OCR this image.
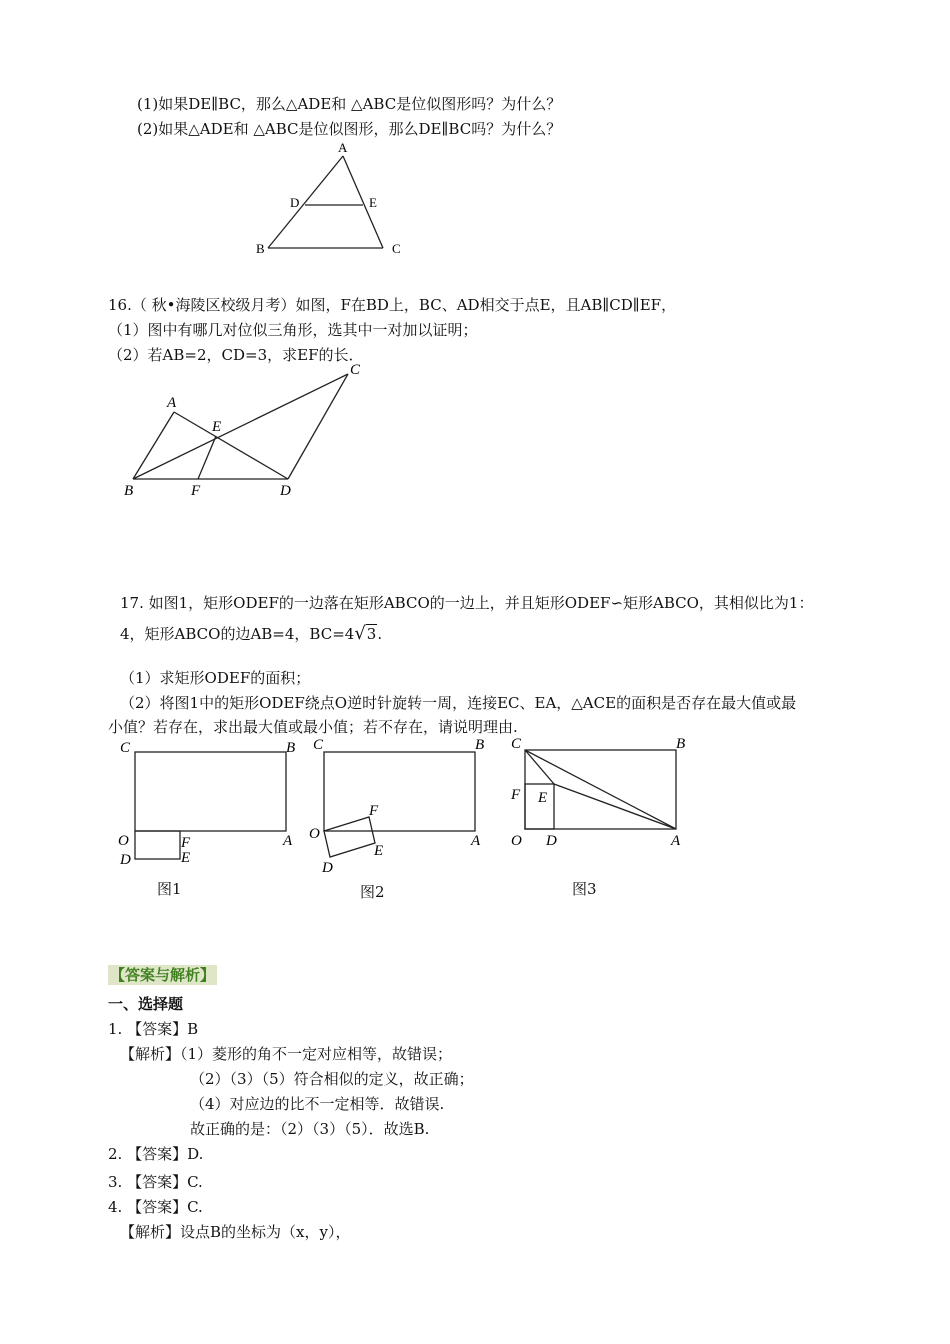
(1)如果DE∥BC，那么△ADE和 △ABC是位似图形吗？为什么？
(2)如果△ADE和 △ABC是位似图形，那么DE∥BC吗？为什么？
A
D	E
B	C
16.（ 秋•海陵区校级月考）如图，F在BD上，BC、AD相交于点E，且AB∥CD∥EF，
（1）图中有哪几对位似三角形，选其中一对加以证明；
（2）若AB=2，CD=3，求EF的长．
A
E
C
B	F	D
17. 如图1，矩形ODEF的一边落在矩形ABCO的一边上，并且矩形ODEF∽矩形ABCO，其相似比为1：
4，矩形ABCO的边AB=4，BC=4√3.
（1）求矩形ODEF的面积；
（2）将图1中的矩形ODEF绕点O逆时针旋转一周，连接EC、EA，△ACE的面积是否存在最大值或最
小值？若存在，求出最大值或最小值；若不存在，请说明理由.
C	B
O	F	A
D	E
C	B
O
F
A
D
E
C	B
F E
O D	A
图1	图2	图3
【答案与解析】
一、选择题
1. 【答案】B
【解析】（1）菱形的角不一定对应相等，故错误；
（2）（3）（5）符合相似的定义，故正确；
（4）对应边的比不一定相等．故错误.
故正确的是：（2）（3）（5）．故选B.
2. 【答案】D.
3. 【答案】C.
4. 【答案】C.
【解析】设点B的坐标为（x，y），
